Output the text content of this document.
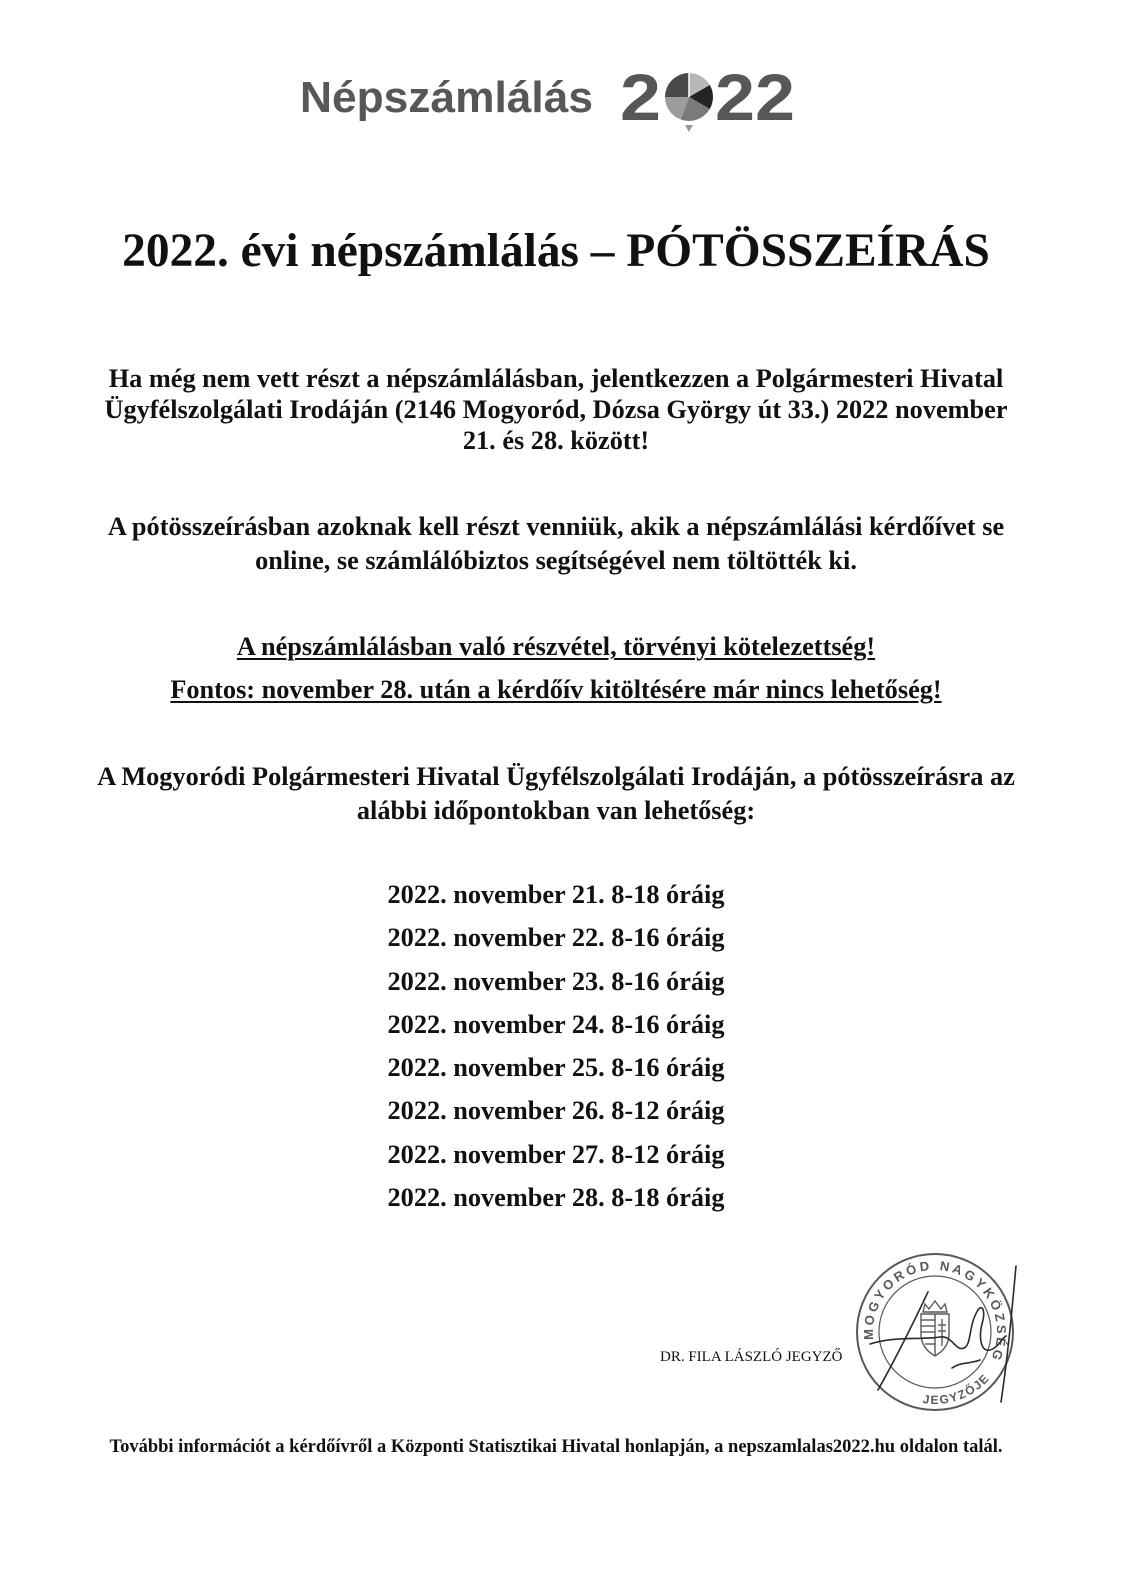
Népszámlálás 2 22
2022. évi népszámlálás – PÓTÖSSZEÍRÁS
Ha még nem vett részt a népszámlálásban, jelentkezzen a Polgármesteri Hivatal
Ügyfélszolgálati Irodáján (2146 Mogyoród, Dózsa György út 33.) 2022 november
21. és 28. között!
A pótösszeírásban azoknak kell részt venniük, akik a népszámlálási kérdőívet se
online, se számlálóbiztos segítségével nem töltötték ki.
A népszámlálásban való részvétel, törvényi kötelezettség!
Fontos: november 28. után a kérdőív kitöltésére már nincs lehetőség!
A Mogyoródi Polgármesteri Hivatal Ügyfélszolgálati Irodáján, a pótösszeírásra az
alábbi időpontokban van lehetőség:
2022. november 21. 8-18 óráig
2022. november 22. 8-16 óráig
2022. november 23. 8-16 óráig
2022. november 24. 8-16 óráig
2022. november 25. 8-16 óráig
2022. november 26. 8-12 óráig
2022. november 27. 8-12 óráig
2022. november 28. 8-18 óráig
DR. FILA LÁSZLÓ JEGYZŐ
MOGYORÓD NAGYKÖZSÉG
JEGYZŐJE
További információt a kérdőívről a Központi Statisztikai Hivatal honlapján, a nepszamlalas2022.hu oldalon talál.
